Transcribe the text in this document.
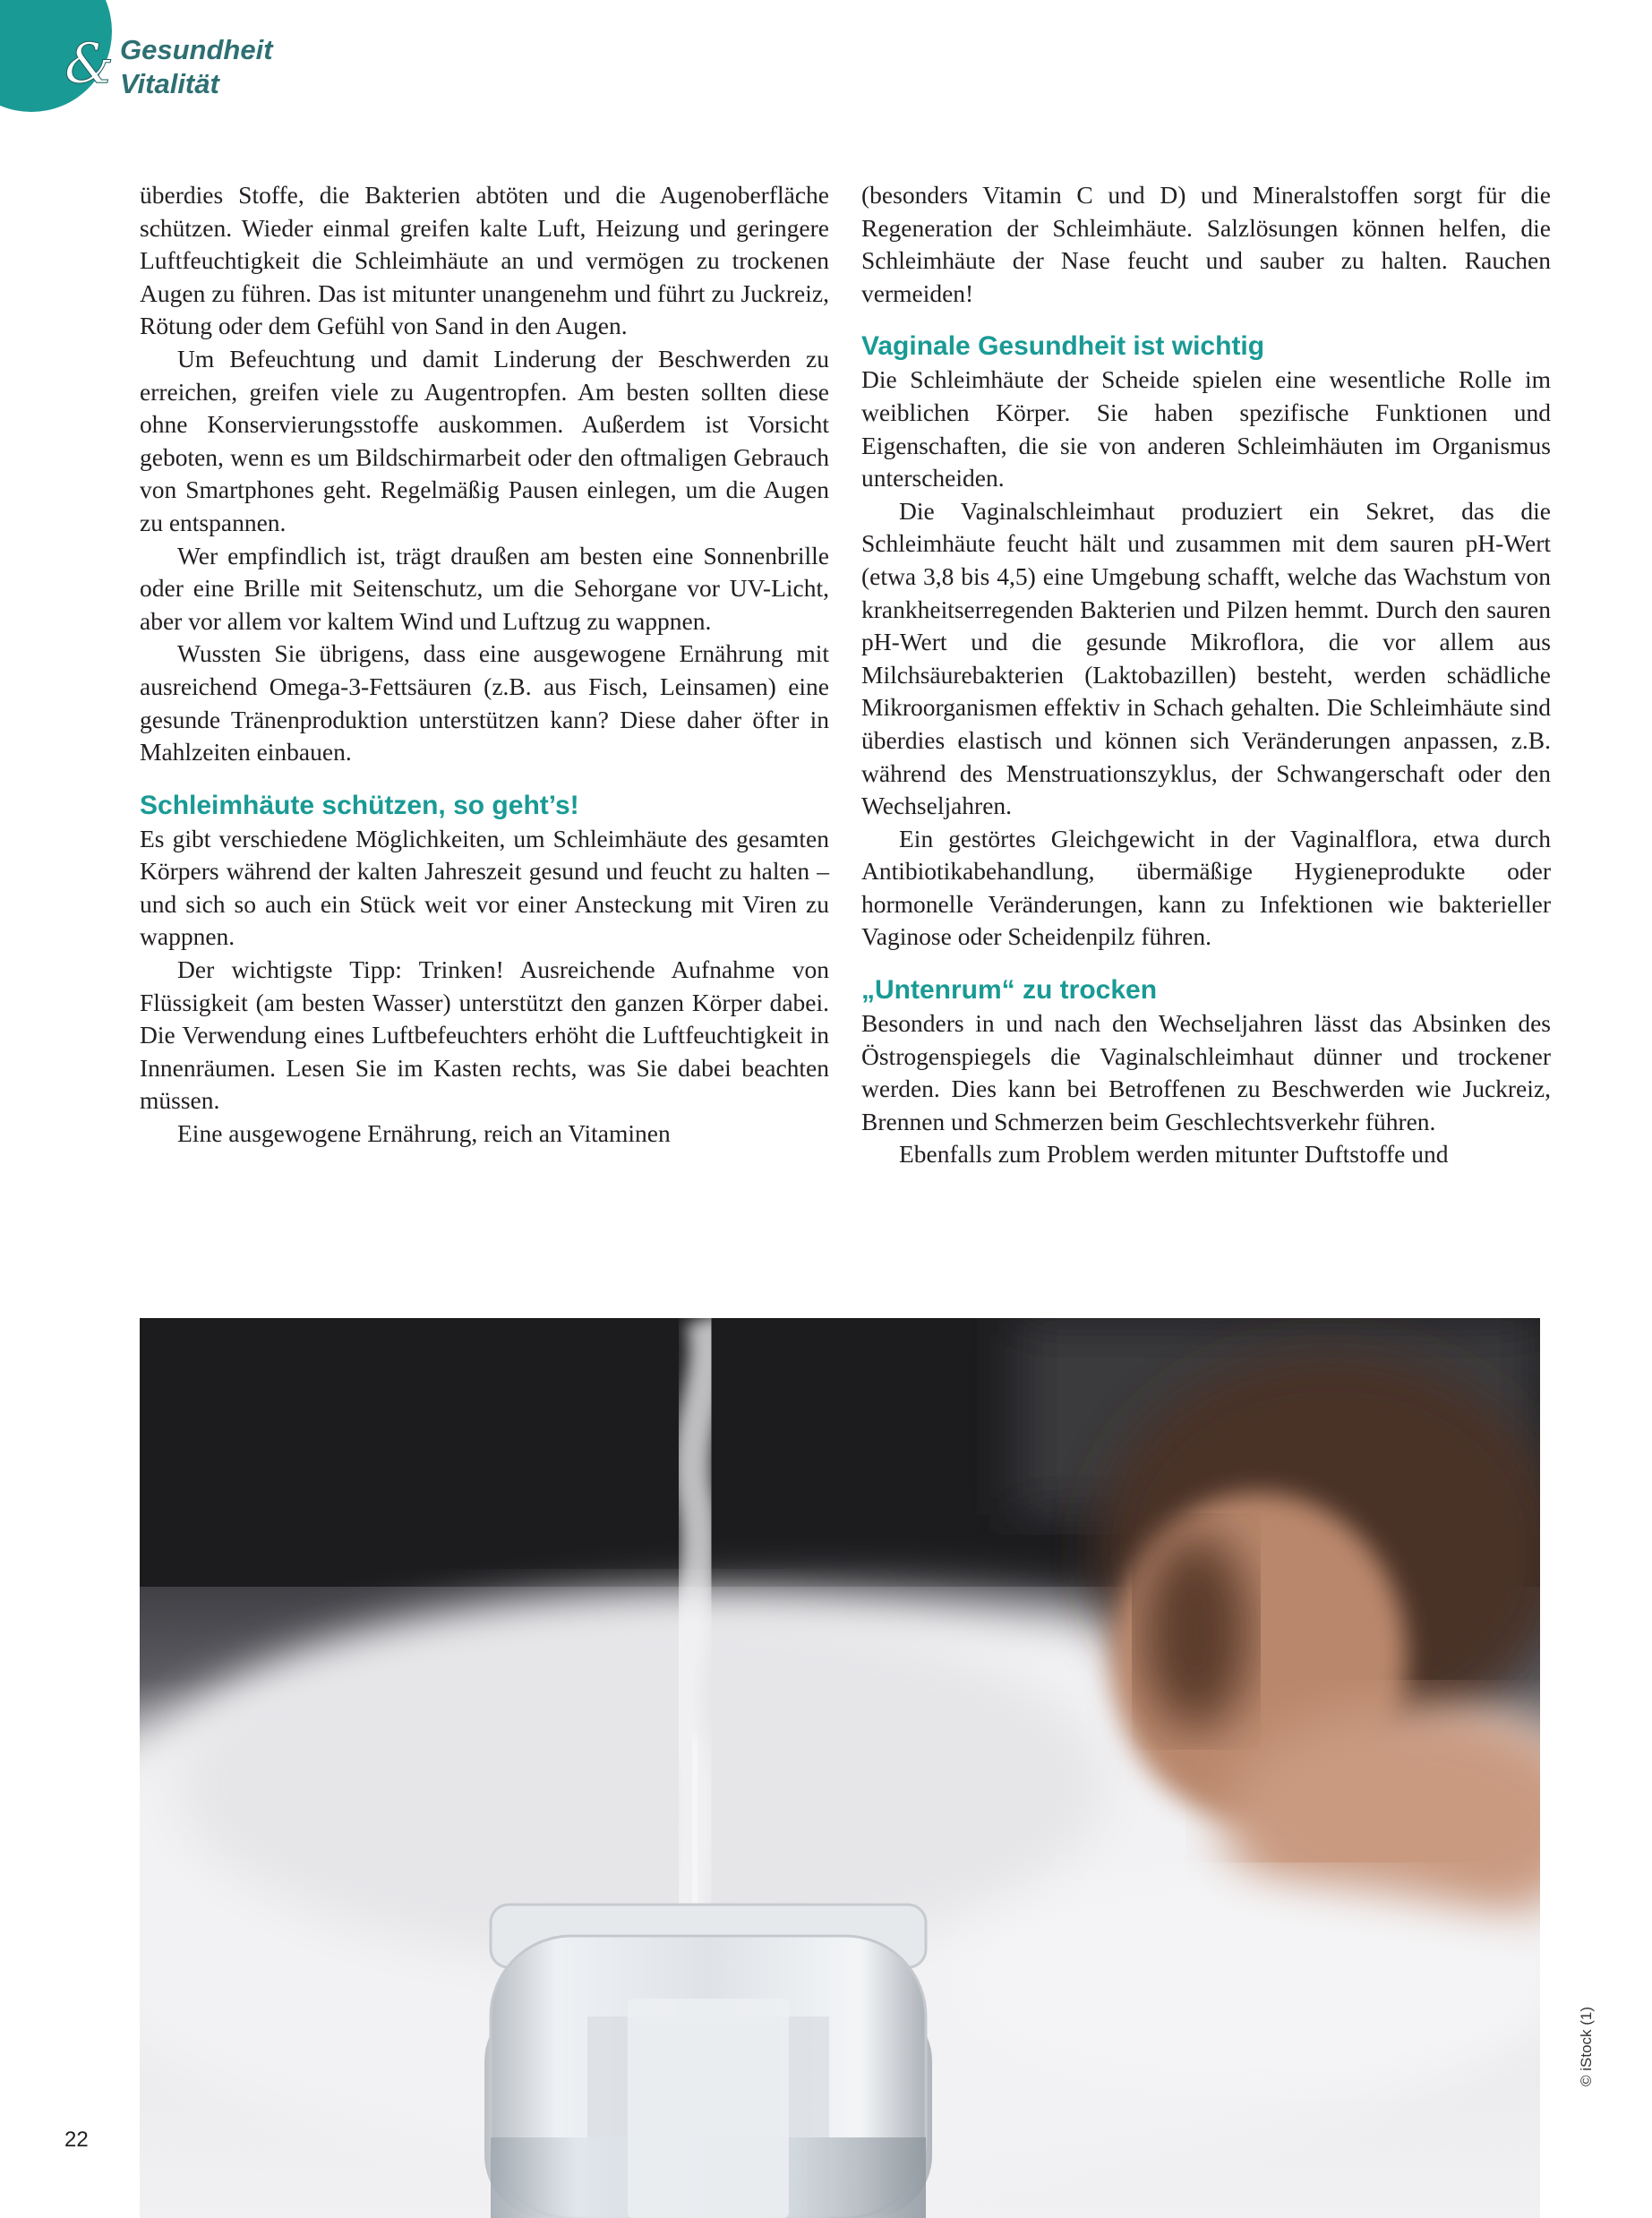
& Gesundheit
Vitalität

überdies Stoffe, die Bakterien abtöten und die Augenoberfläche schützen. Wieder einmal greifen kalte Luft, Heizung und geringere Luftfeuchtigkeit die Schleimhäute an und vermögen zu trockenen Augen zu führen. Das ist mitunter unangenehm und führt zu Juckreiz, Rötung oder dem Gefühl von Sand in den Augen.

Um Befeuchtung und damit Linderung der Beschwerden zu erreichen, greifen viele zu Augentropfen. Am besten sollten diese ohne Konservierungsstoffe auskommen. Außerdem ist Vorsicht geboten, wenn es um Bildschirmarbeit oder den oftmaligen Gebrauch von Smartphones geht. Regelmäßig Pausen einlegen, um die Augen zu entspannen.

Wer empfindlich ist, trägt draußen am besten eine Sonnenbrille oder eine Brille mit Seitenschutz, um die Sehorgane vor UV-Licht, aber vor allem vor kaltem Wind und Luftzug zu wappnen.

Wussten Sie übrigens, dass eine ausgewogene Ernährung mit ausreichend Omega-3-Fettsäuren (z.B. aus Fisch, Leinsamen) eine gesunde Tränenproduktion unterstützen kann? Diese daher öfter in Mahlzeiten einbauen.

Schleimhäute schützen, so geht’s!

Es gibt verschiedene Möglichkeiten, um Schleimhäute des gesamten Körpers während der kalten Jahreszeit gesund und feucht zu halten – und sich so auch ein Stück weit vor einer Ansteckung mit Viren zu wappnen.

Der wichtigste Tipp: Trinken! Ausreichende Aufnahme von Flüssigkeit (am besten Wasser) unterstützt den ganzen Körper dabei. Die Verwendung eines Luftbefeuchters erhöht die Luftfeuchtigkeit in Innenräumen. Lesen Sie im Kasten rechts, was Sie dabei beachten müssen.

Eine ausgewogene Ernährung, reich an Vitaminen

(besonders Vitamin C und D) und Mineralstoffen sorgt für die Regeneration der Schleimhäute. Salzlösungen können helfen, die Schleimhäute der Nase feucht und sauber zu halten. Rauchen vermeiden!

Vaginale Gesundheit ist wichtig

Die Schleimhäute der Scheide spielen eine wesentliche Rolle im weiblichen Körper. Sie haben spezifische Funktionen und Eigenschaften, die sie von anderen Schleimhäuten im Organismus unterscheiden.

Die Vaginalschleimhaut produziert ein Sekret, das die Schleimhäute feucht hält und zusammen mit dem sauren pH-Wert (etwa 3,8 bis 4,5) eine Umgebung schafft, welche das Wachstum von krankheitserregenden Bakterien und Pilzen hemmt. Durch den sauren pH-Wert und die gesunde Mikroflora, die vor allem aus Milchsäurebakterien (Laktobazillen) besteht, werden schädliche Mikroorganismen effektiv in Schach gehalten. Die Schleimhäute sind überdies elastisch und können sich Veränderungen anpassen, z.B. während des Menstruationszyklus, der Schwangerschaft oder den Wechseljahren.

Ein gestörtes Gleichgewicht in der Vaginalflora, etwa durch Antibiotikabehandlung, übermäßige Hygieneprodukte oder hormonelle Veränderungen, kann zu Infektionen wie bakterieller Vaginose oder Scheidenpilz führen.

„Untenrum“ zu trocken

Besonders in und nach den Wechseljahren lässt das Absinken des Östrogenspiegels die Vaginalschleimhaut dünner und trockener werden. Dies kann bei Betroffenen zu Beschwerden wie Juckreiz, Brennen und Schmerzen beim Geschlechtsverkehr führen.

Ebenfalls zum Problem werden mitunter Duftstoffe und

© iStock (1)
22
